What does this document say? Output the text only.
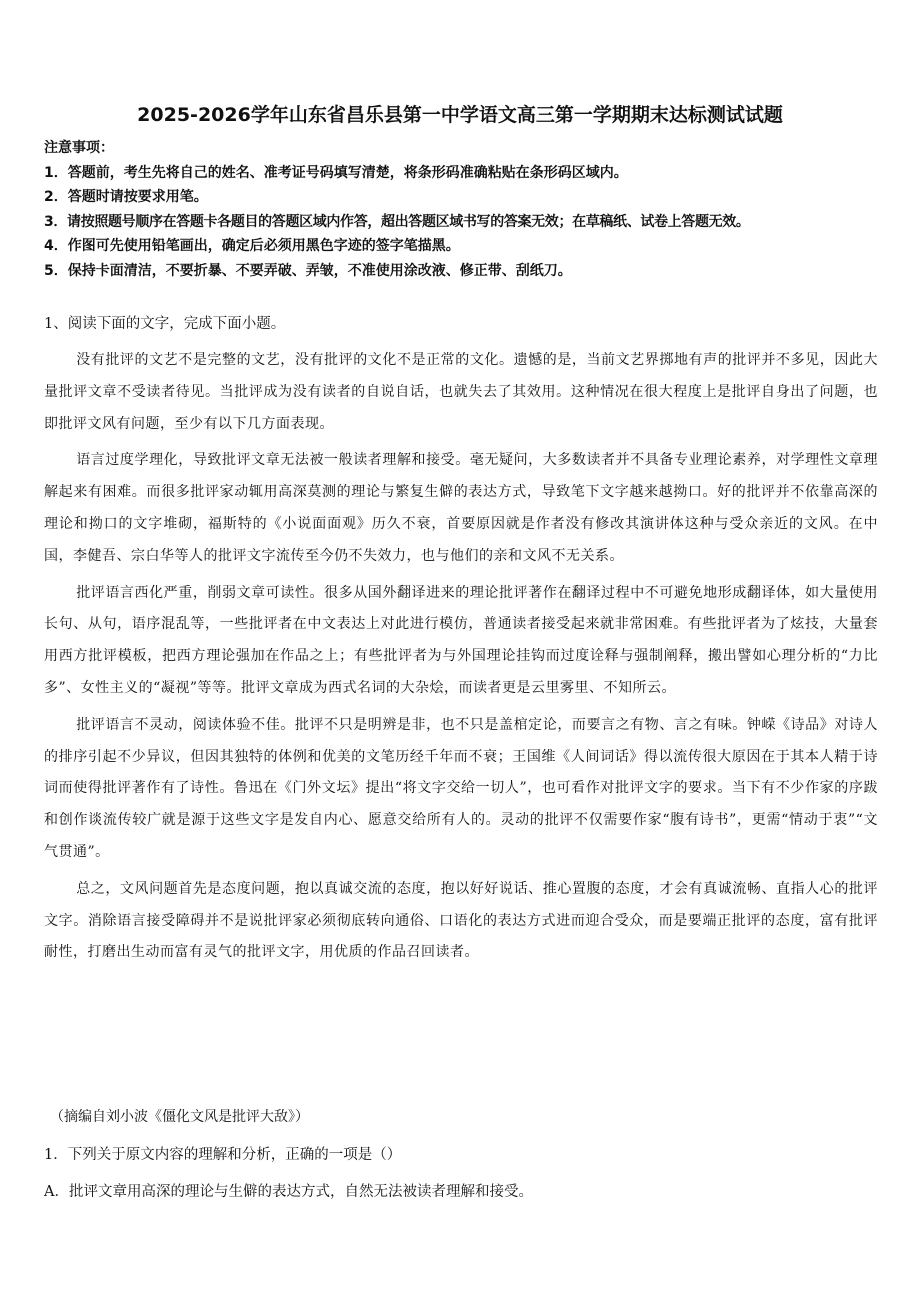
2025-2026学年山东省昌乐县第一中学语文高三第一学期期末达标测试试题
注意事项：
1．答题前，考生先将自己的姓名、准考证号码填写清楚，将条形码准确粘贴在条形码区域内。
2．答题时请按要求用笔。
3．请按照题号顺序在答题卡各题目的答题区域内作答，超出答题区域书写的答案无效；在草稿纸、试卷上答题无效。
4．作图可先使用铅笔画出，确定后必须用黑色字迹的签字笔描黑。
5．保持卡面清洁，不要折暴、不要弄破、弄皱，不准使用涂改液、修正带、刮纸刀。
1、阅读下面的文字，完成下面小题。

没有批评的文艺不是完整的文艺，没有批评的文化不是正常的文化。遗憾的是，当前文艺界掷地有声的批评并不多见，因此大量批评文章不受读者待见。当批评成为没有读者的自说自话，也就失去了其效用。这种情况在很大程度上是批评自身出了问题，也即批评文风有问题，至少有以下几方面表现。

语言过度学理化，导致批评文章无法被一般读者理解和接受。毫无疑问，大多数读者并不具备专业理论素养，对学理性文章理解起来有困难。而很多批评家动辄用高深莫测的理论与繁复生僻的表达方式，导致笔下文字越来越拗口。好的批评并不依靠高深的理论和拗口的文字堆砌，福斯特的《小说面面观》历久不衰，首要原因就是作者没有修改其演讲体这种与受众亲近的文风。在中国，李健吾、宗白华等人的批评文字流传至今仍不失效力，也与他们的亲和文风不无关系。

批评语言西化严重，削弱文章可读性。很多从国外翻译进来的理论批评著作在翻译过程中不可避免地形成翻译体，如大量使用长句、从句，语序混乱等，一些批评者在中文表达上对此进行模仿，普通读者接受起来就非常困难。有些批评者为了炫技，大量套用西方批评模板，把西方理论强加在作品之上；有些批评者为与外国理论挂钩而过度诠释与强制阐释，搬出譬如心理分析的“力比多”、女性主义的“凝视”等等。批评文章成为西式名词的大杂烩，而读者更是云里雾里、不知所云。

批评语言不灵动，阅读体验不佳。批评不只是明辨是非，也不只是盖棺定论，而要言之有物、言之有味。钟嵘《诗品》对诗人的排序引起不少异议，但因其独特的体例和优美的文笔历经千年而不衰；王国维《人间词话》得以流传很大原因在于其本人精于诗词而使得批评著作有了诗性。鲁迅在《门外文坛》提出“将文字交给一切人”，也可看作对批评文字的要求。当下有不少作家的序跋和创作谈流传较广就是源于这些文字是发自内心、愿意交给所有人的。灵动的批评不仅需要作家“腹有诗书”，更需“情动于衷”“文气贯通”。

总之，文风问题首先是态度问题，抱以真诚交流的态度，抱以好好说话、推心置腹的态度，才会有真诚流畅、直指人心的批评文字。消除语言接受障碍并不是说批评家必须彻底转向通俗、口语化的表达方式进而迎合受众，而是要端正批评的态度，富有批评耐性，打磨出生动而富有灵气的批评文字，用优质的作品召回读者。

（摘编自刘小波《僵化文风是批评大敌》）
1．下列关于原文内容的理解和分析，正确的一项是（）
A．批评文章用高深的理论与生僻的表达方式，自然无法被读者理解和接受。
